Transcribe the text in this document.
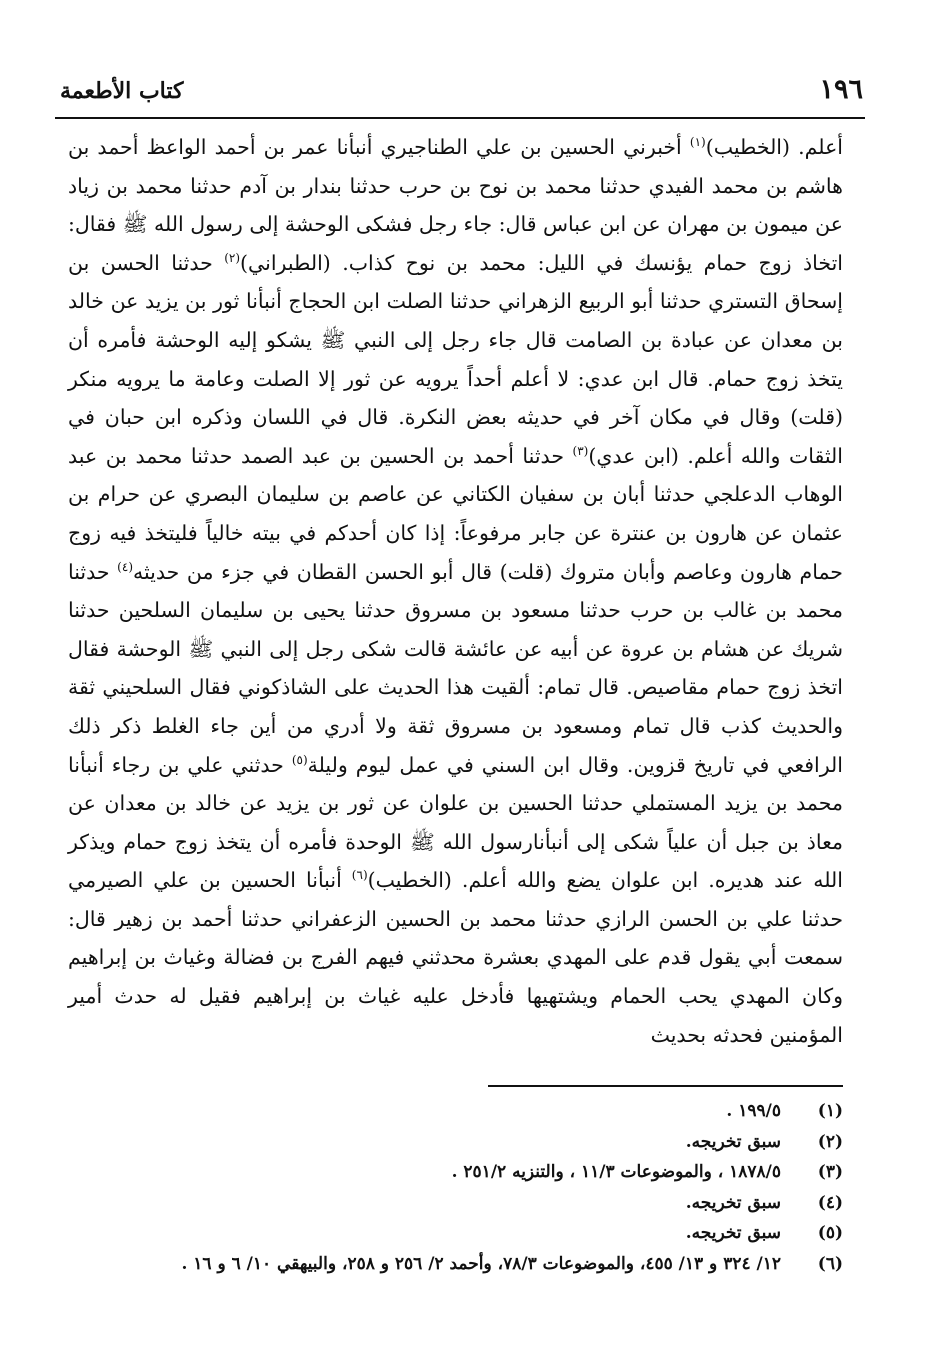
١٩٦
كتاب الأطعمة

أعلم. (الخطيب)$^{(١)}$ أخبرني الحسين بن علي الطناجيري أنبأنا عمر بن أحمد الواعظ أحمد بن هاشم بن محمد الفيدي حدثنا محمد بن نوح بن حرب حدثنا بندار بن آدم حدثنا محمد بن زياد عن ميمون بن مهران عن ابن عباس قال: جاء رجل فشكى الوحشة إلى رسول الله ﷺ فقال: اتخاذ زوج حمام يؤنسك في الليل: محمد بن نوح كذاب. (الطبراني)$^{(٢)}$ حدثنا الحسن بن إسحاق التستري حدثنا أبو الربيع الزهراني حدثنا الصلت ابن الحجاج أنبأنا ثور بن يزيد عن خالد بن معدان عن عبادة بن الصامت قال جاء رجل إلى النبي ﷺ يشكو إليه الوحشة فأمره أن يتخذ زوج حمام. قال ابن عدي: لا أعلم أحداً يرويه عن ثور إلا الصلت وعامة ما يرويه منكر (قلت) وقال في مكان آخر في حديثه بعض النكرة. قال في اللسان وذكره ابن حبان في الثقات والله أعلم. (ابن عدي)$^{(٣)}$ حدثنا أحمد بن الحسين بن عبد الصمد حدثنا محمد بن عبد الوهاب الدعلجي حدثنا أبان بن سفيان الكتاني عن عاصم بن سليمان البصري عن حرام بن عثمان عن هارون بن عنترة عن جابر مرفوعاً: إذا كان أحدكم في بيته خالياً فليتخذ فيه زوج حمام هارون وعاصم وأبان متروك (قلت) قال أبو الحسن القطان في جزء من حديثه$^{(٤)}$ حدثنا محمد بن غالب بن حرب حدثنا مسعود بن مسروق حدثنا يحيى بن سليمان السلحين حدثنا شريك عن هشام بن عروة عن أبيه عن عائشة قالت شكى رجل إلى النبي ﷺ الوحشة فقال اتخذ زوج حمام مقاصيص. قال تمام: ألقيت هذا الحديث على الشاذكوني فقال السلحيني ثقة والحديث كذب قال تمام ومسعود بن مسروق ثقة ولا أدري من أين جاء الغلط ذكر ذلك الرافعي في تاريخ قزوين. وقال ابن السني في عمل ليوم وليلة$^{(٥)}$ حدثني علي بن رجاء أنبأنا محمد بن يزيد المستملي حدثنا الحسين بن علوان عن ثور بن يزيد عن خالد بن معدان عن معاذ بن جبل أن علياً شكى إلى أنبأنارسول الله ﷺ الوحدة فأمره أن يتخذ زوج حمام ويذكر الله عند هديره. ابن علوان يضع والله أعلم. (الخطيب)$^{(٦)}$ أنبأنا الحسين بن علي الصيرمي حدثنا علي بن الحسن الرازي حدثنا محمد بن الحسين الزعفراني حدثنا أحمد بن زهير قال: سمعت أبي يقول قدم على المهدي بعشرة محدثني فيهم الفرج بن فضالة وغياث بن إبراهيم وكان المهدي يحب الحمام ويشتهيها فأدخل عليه غياث بن إبراهيم فقيل له حدث أمير المؤمنين فحدثه بحديث

(١)
١٩٩/٥ .
(٢)
سبق تخريجه.
(٣)
١٨٧٨/٥ ، والموضوعات ١١/٣ ، والتنزيه ٢٥١/٢ .
(٤)
سبق تخريجه.
(٥)
سبق تخريجه.
(٦)
١٢/ ٣٢٤ و ١٣/ ٤٥٥، والموضوعات ٧٨/٣، وأحمد ٢/ ٢٥٦ و ٢٥٨، والبيهقي ١٠/ ٦ و ١٦ .
